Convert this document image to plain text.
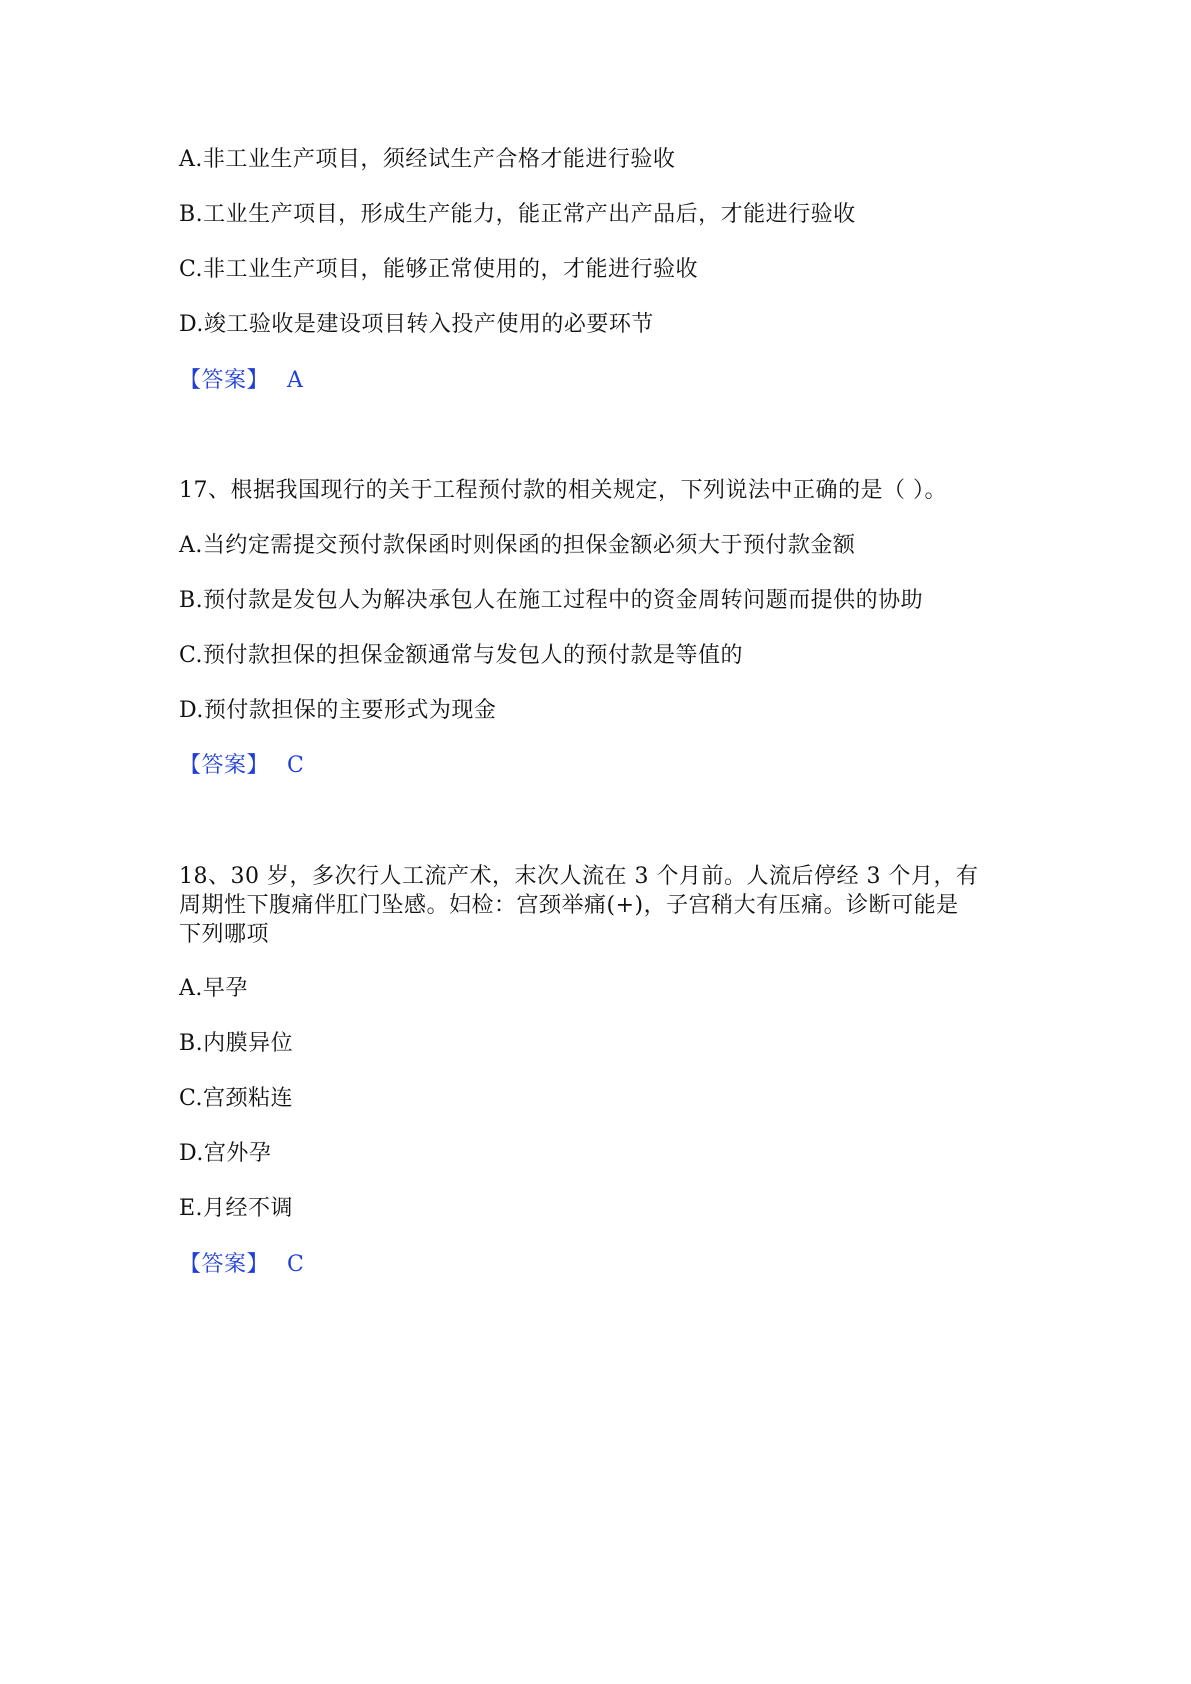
A.非工业生产项目，须经试生产合格才能进行验收
B.工业生产项目，形成生产能力，能正常产出产品后，才能进行验收
C.非工业生产项目，能够正常使用的，才能进行验收
D.竣工验收是建设项目转入投产使用的必要环节
【答案】 A
17、根据我国现行的关于工程预付款的相关规定，下列说法中正确的是（ ）。
A.当约定需提交预付款保函时则保函的担保金额必须大于预付款金额
B.预付款是发包人为解决承包人在施工过程中的资金周转问题而提供的协助
C.预付款担保的担保金额通常与发包人的预付款是等值的
D.预付款担保的主要形式为现金
【答案】 C
18、30 岁，多次行人工流产术，末次人流在 3 个月前。人流后停经 3 个月，有
周期性下腹痛伴肛门坠感。妇检：宫颈举痛(+)，子宫稍大有压痛。诊断可能是
下列哪项
A.早孕
B.内膜异位
C.宫颈粘连
D.宫外孕
E.月经不调
【答案】 C
